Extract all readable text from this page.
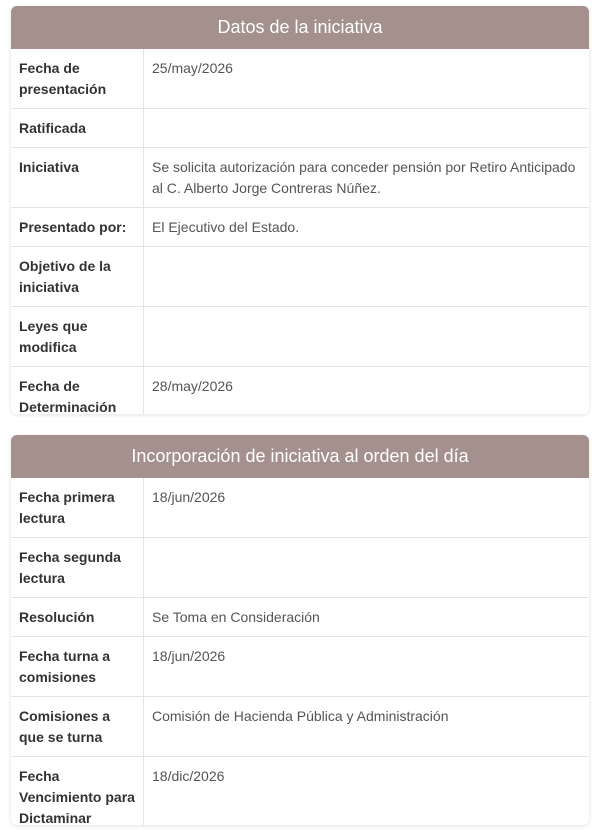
Datos de la iniciativa
Fecha de presentación	25/may/2026
Ratificada	
Iniciativa	Se solicita autorización para conceder pensión por Retiro Anticipado al C. Alberto Jorge Contreras Núñez.
Presentado por:	El Ejecutivo del Estado.
Objetivo de la iniciativa	
Leyes que modifica	
Fecha de Determinación	28/may/2026
Incorporación de iniciativa al orden del día
Fecha primera lectura	18/jun/2026
Fecha segunda lectura	
Resolución	Se Toma en Consideración
Fecha turna a comisiones	18/jun/2026
Comisiones a que se turna	Comisión de Hacienda Pública y Administración
Fecha Vencimiento para Dictaminar	18/dic/2026
